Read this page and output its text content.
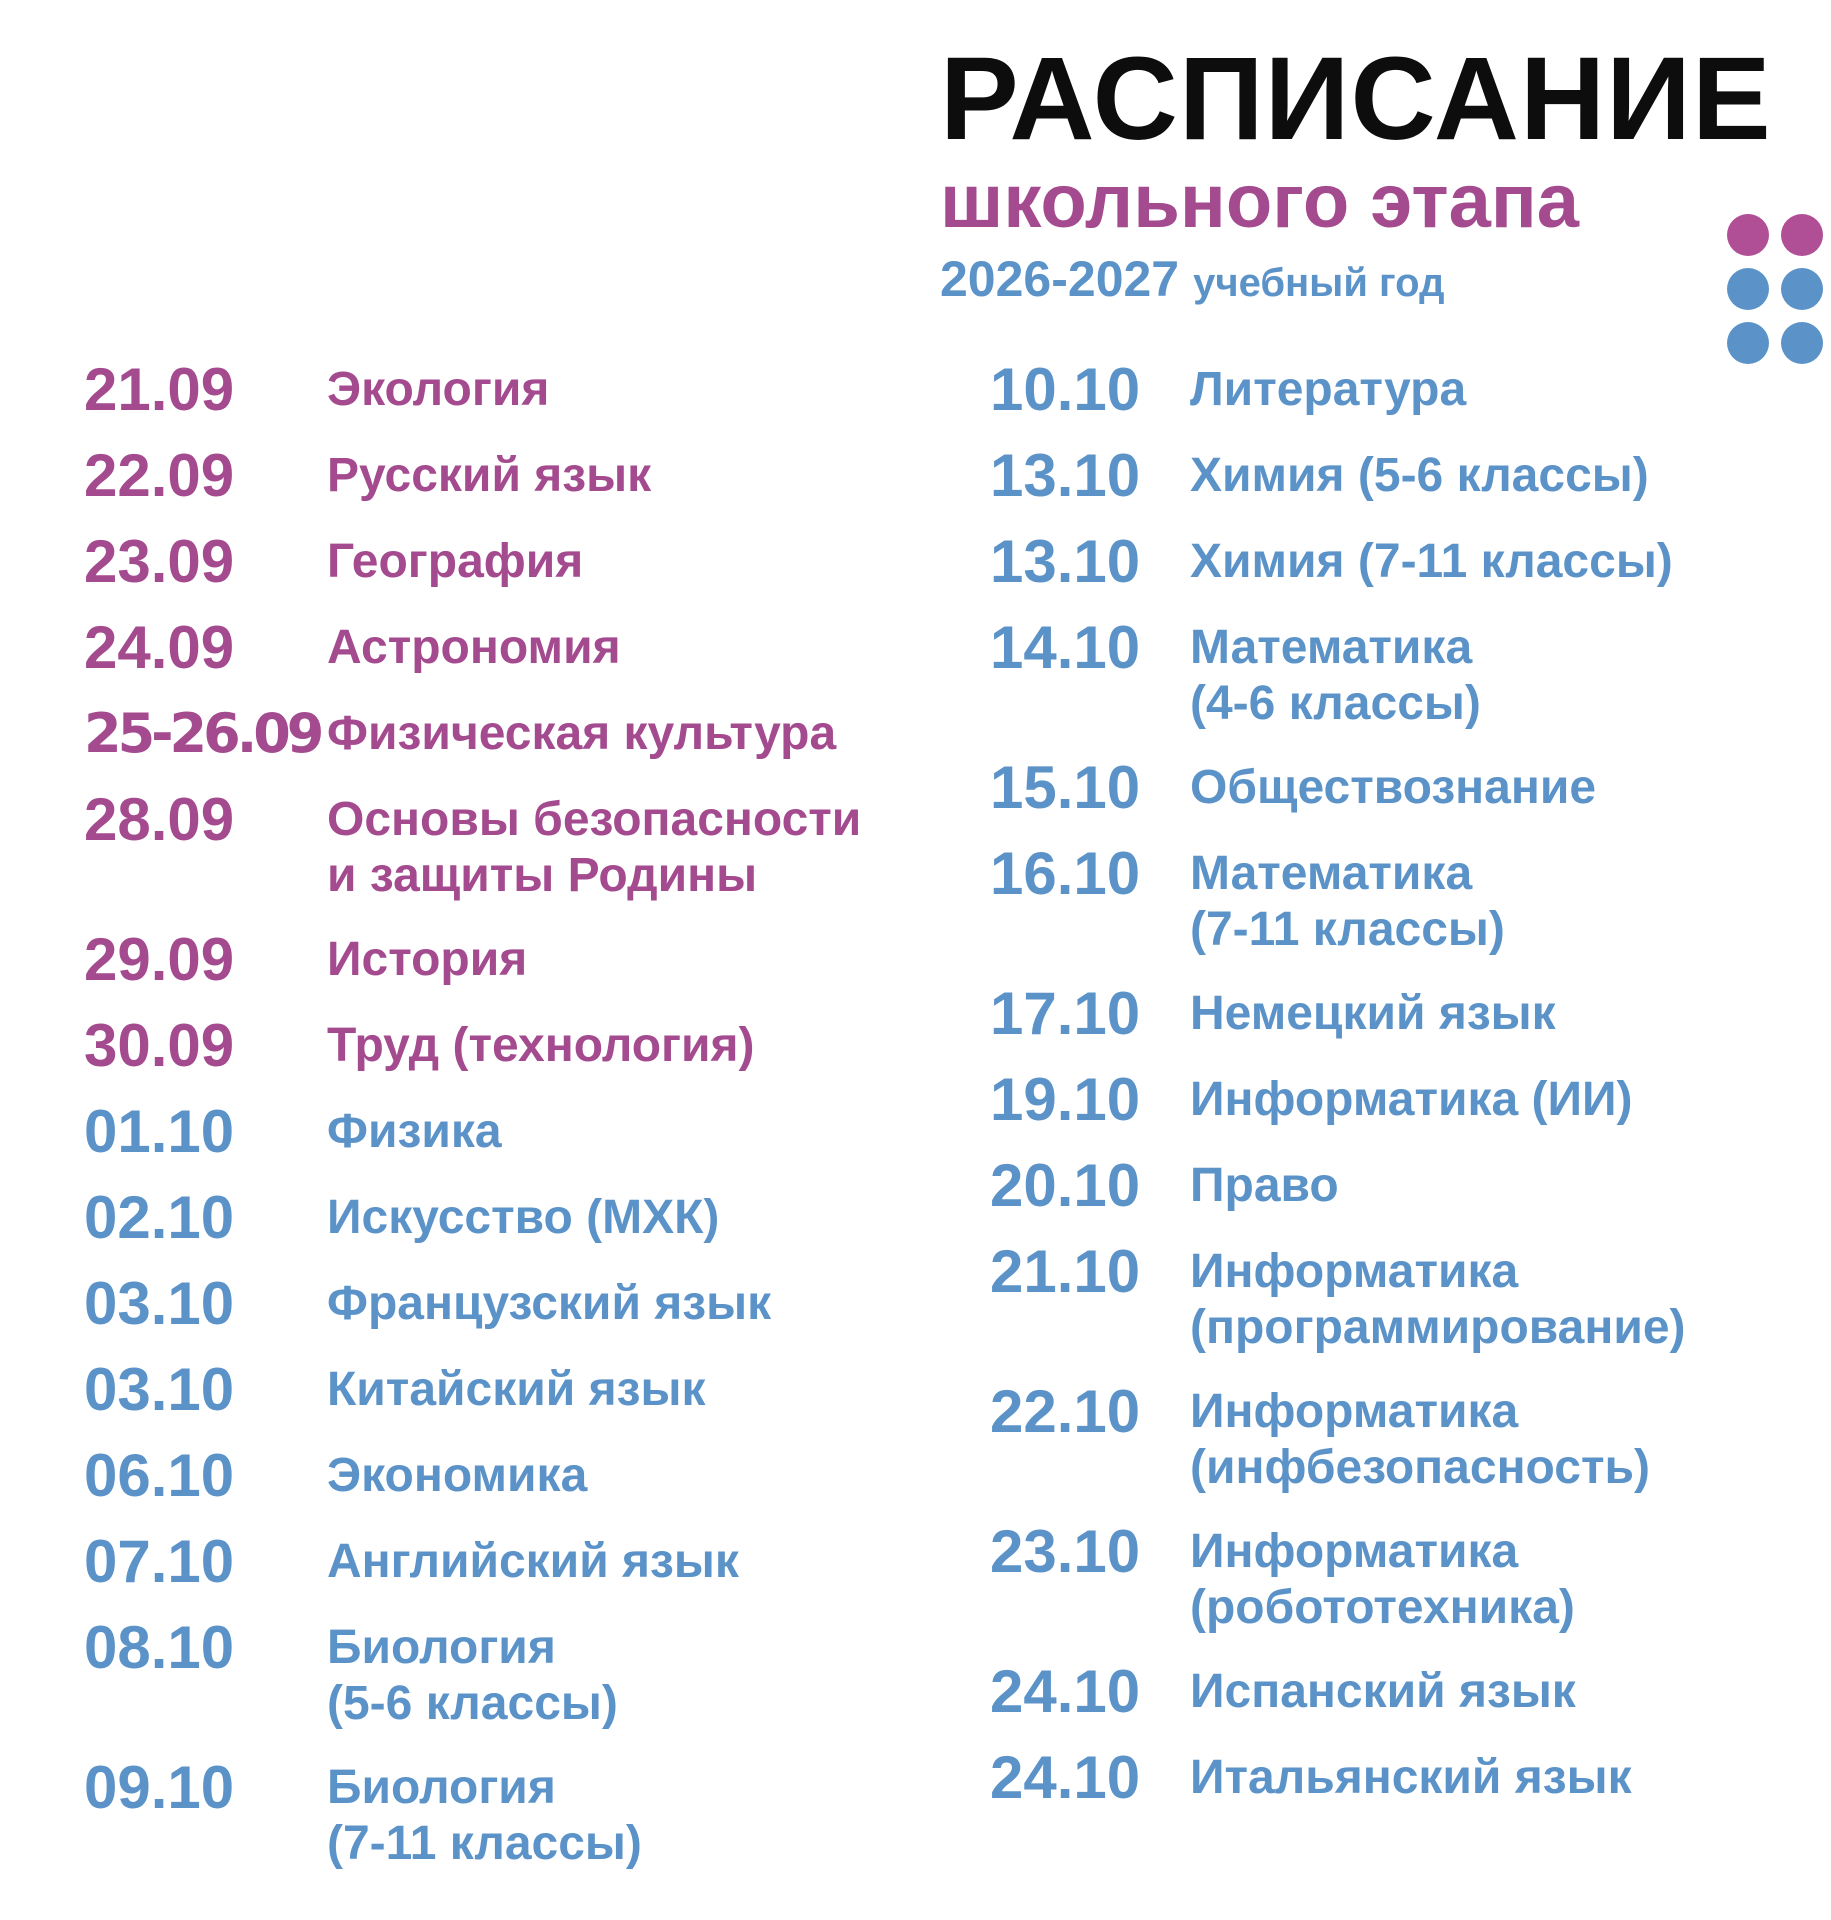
РАСПИСАНИЕ
школьного этапа
2026-2027 учебный год
21.09	Экология
22.09	Русский язык
23.09	География
24.09	Астрономия
25-26.09 Физическая культура
28.09	Основы безопасности
и защиты Родины
29.09	История
30.09	Труд (технология)
01.10	Физика
02.10	Искусство (МХК)
03.10	Французский язык
03.10	Китайский язык
06.10	Экономика
07.10	Английский язык
08.10	Биология
(5-6 классы)
09.10	Биология
(7-11 классы)
10.10	Литература
13.10	Химия (5-6 классы)
13.10	Химия (7-11 классы)
14.10	Математика
(4-6 классы)
15.10	Обществознание
16.10	Математика
(7-11 классы)
17.10	Немецкий язык
19.10	Информатика (ИИ)
20.10	Право
21.10	Информатика
(программирование)
22.10	Информатика
(инфбезопасность)
23.10	Информатика
(робототехника)
24.10	Испанский язык
24.10	Итальянский язык
